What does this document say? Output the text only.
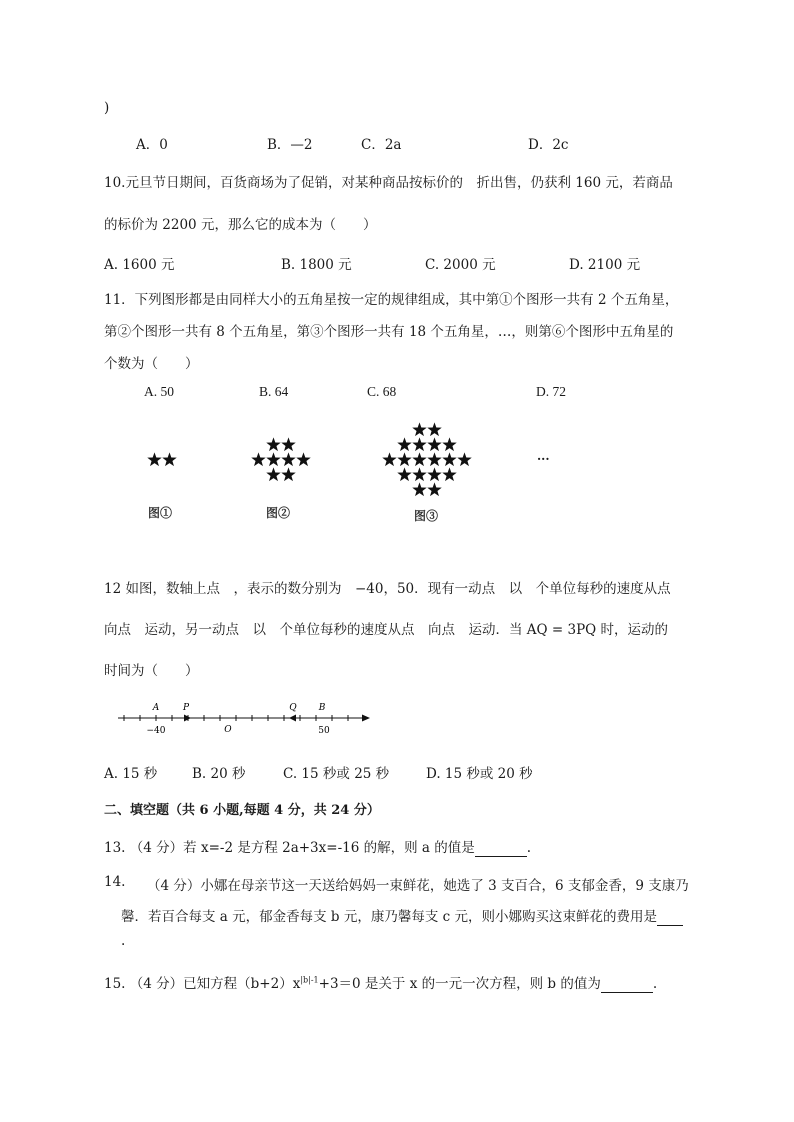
)
A．0	B．—2	C．2a	D．2c
10.元旦节日期间，百货商场为了促销，对某种商品按标价的　折出售，仍获利 160 元，若商品
的标价为 2200 元，那么它的成本为（　　）
A. 1600 元	B. 1800 元	C. 2000 元	D. 2100 元
11．下列图形都是由同样大小的五角星按一定的规律组成，其中第①个图形一共有 2 个五角星，
第②个图形一共有 8 个五角星，第③个图形一共有 18 个五角星，…，则第⑥个图形中五角星的
个数为（　　）
A. 50	B. 64	C. 68	D. 72
···
图①	图②	图③
12 如图，数轴上点　，表示的数分别为　−40，50．现有一动点　以　个单位每秒的速度从点
向点　运动，另一动点　以　个单位每秒的速度从点　向点　运动．当 AQ = 3PQ 时，运动的
时间为（　　）
A	P	Q B
O
−40	50
A. 15 秒	B. 20 秒	C. 15 秒或 25 秒	D. 15 秒或 20 秒
二、填空题（共 6 小题,每题 4 分，共 24 分）
13. （4 分）若 x=-2 是方程 2a+3x=-16 的解，则 a 的值是	.
14. （4 分）小娜在母亲节这一天送给妈妈一束鲜花，她选了 3 支百合，6 支郁金香，9 支康乃
馨．若百合每支 a 元，郁金香每支 b 元，康乃馨每支 c 元，则小娜购买这束鲜花的费用是
.
15. （4 分）已知方程$(b+2)x^{|b|-1}+3=0$ 是关于 x 的一元一次方程，则 b 的值为	.
